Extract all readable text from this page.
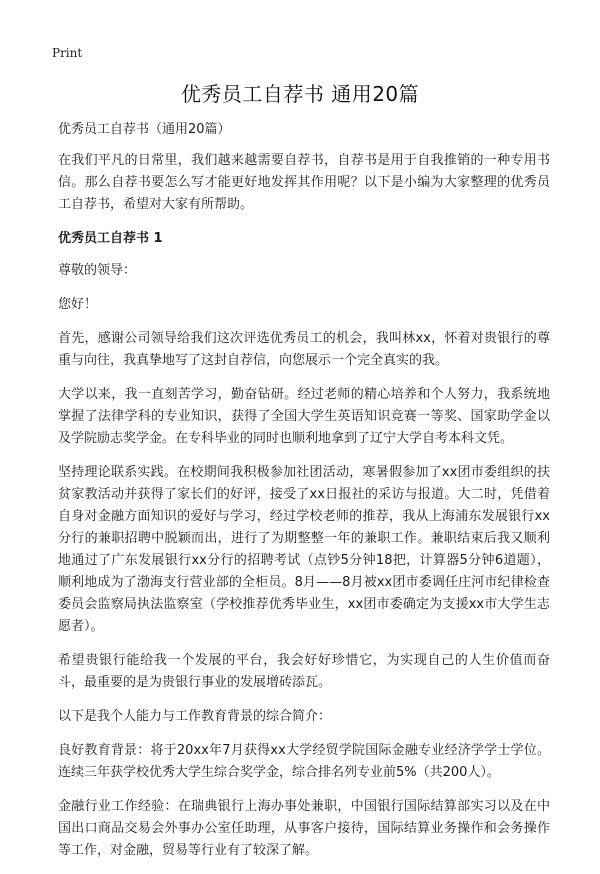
Print
优秀员工自荐书 通用20篇

优秀员工自荐书（通用20篇）

在我们平凡的日常里，我们越来越需要自荐书，自荐书是用于自我推销的一种专用书信。那么自荐书要怎么写才能更好地发挥其作用呢？以下是小编为大家整理的优秀员工自荐书，希望对大家有所帮助。

优秀员工自荐书 1

尊敬的领导：

您好！

首先，感谢公司领导给我们这次评选优秀员工的机会，我叫林xx，怀着对贵银行的尊重与向往，我真挚地写了这封自荐信，向您展示一个完全真实的我。

大学以来，我一直刻苦学习，勤奋钻研。经过老师的精心培养和个人努力，我系统地掌握了法律学科的专业知识，获得了全国大学生英语知识竞赛一等奖、国家助学金以及学院励志奖学金。在专科毕业的同时也顺利地拿到了辽宁大学自考本科文凭。

坚持理论联系实践。在校期间我积极参加社团活动，寒暑假参加了xx团市委组织的扶贫家教活动并获得了家长们的好评，接受了xx日报社的采访与报道。大二时，凭借着自身对金融方面知识的爱好与学习，经过学校老师的推荐，我从上海浦东发展银行xx分行的兼职招聘中脱颖而出，进行了为期整整一年的兼职工作。兼职结束后我又顺利地通过了广东发展银行xx分行的招聘考试（点钞5分钟18把，计算器5分钟6道题），顺利地成为了渤海支行营业部的全柜员。8月——8月被xx团市委调任庄河市纪律检查委员会监察局执法监察室（学校推荐优秀毕业生，xx团市委确定为支援xx市大学生志愿者）。

希望贵银行能给我一个发展的平台，我会好好珍惜它，为实现自己的人生价值而奋斗，最重要的是为贵银行事业的发展增砖添瓦。

以下是我个人能力与工作教育背景的综合简介：

良好教育背景：将于20xx年7月获得xx大学经贸学院国际金融专业经济学学士学位。连续三年获学校优秀大学生综合奖学金，综合排名列专业前5%（共200人）。

金融行业工作经验：在瑞典银行上海办事处兼职，中国银行国际结算部实习以及在中国出口商品交易会外事办公室任助理，从事客户接待，国际结算业务操作和会务操作等工作，对金融，贸易等行业有了较深了解。
